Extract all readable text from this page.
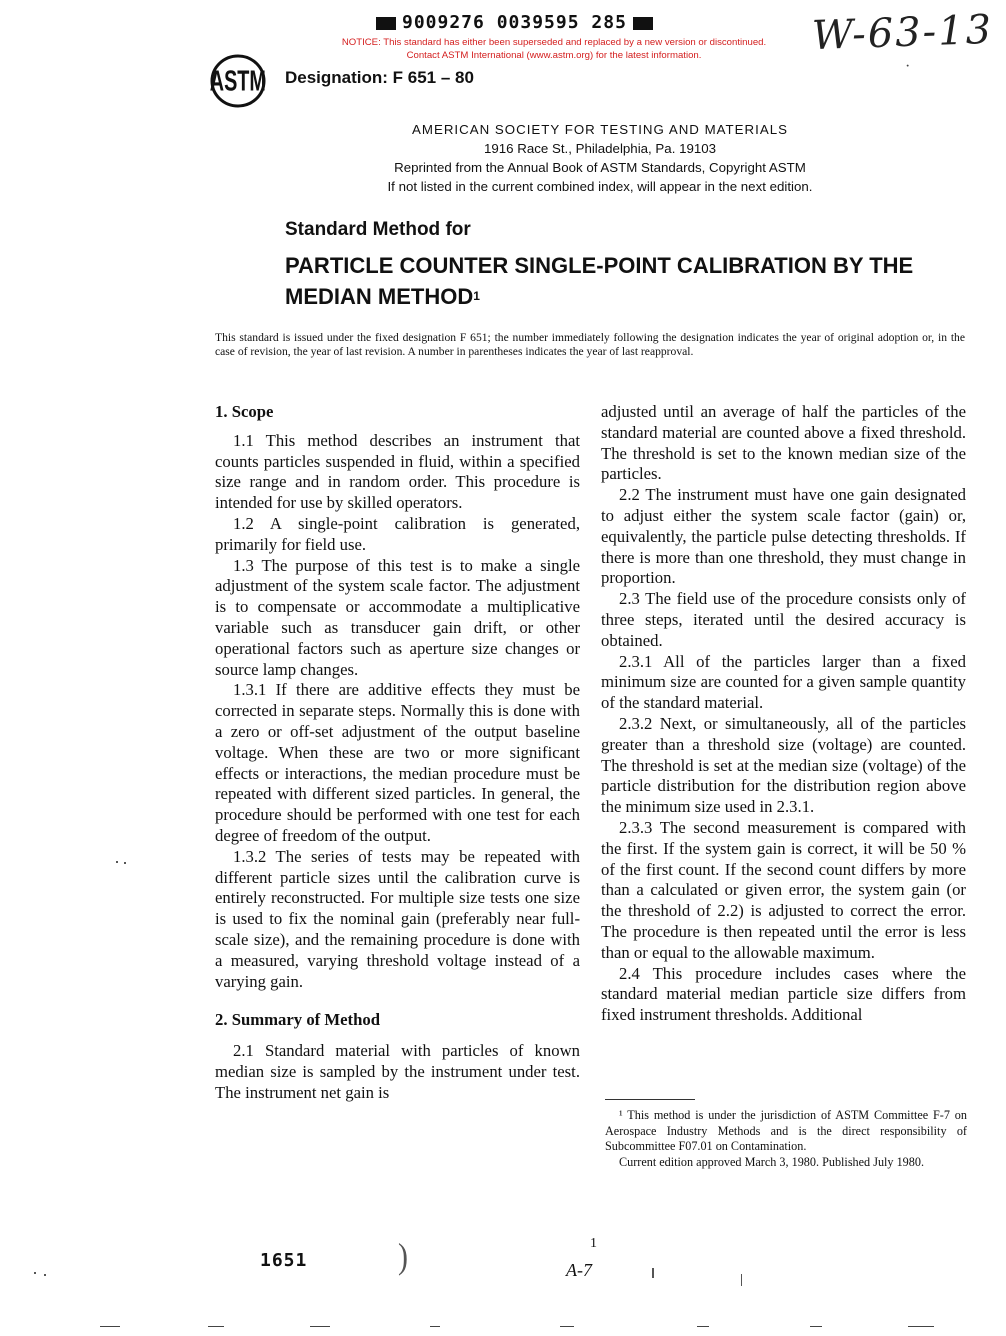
9009276 0039595 285
NOTICE: This standard has either been superseded and replaced by a new version or discontinued.
Contact ASTM International (www.astm.org) for the latest information.	W-63-13
·
ASTM Designation: F 651 – 80
AMERICAN SOCIETY FOR TESTING AND MATERIALS
1916 Race St., Philadelphia, Pa. 19103
Reprinted from the Annual Book of ASTM Standards, Copyright ASTM
If not listed in the current combined index, will appear in the next edition.
Standard Method for
PARTICLE COUNTER SINGLE-POINT CALIBRATION BY THE MEDIAN METHOD$^1$
This standard is issued under the fixed designation F 651; the number immediately following the designation indicates the year of original adoption or, in the case of revision, the year of last revision. A number in parentheses indicates the year of last reapproval.
1. Scope

1.1 This method describes an instrument that counts particles suspended in fluid, within a specified size range and in random order. This procedure is intended for use by skilled operators.

1.2 A single-point calibration is generated, primarily for field use.

1.3 The purpose of this test is to make a single adjustment of the system scale factor. The adjustment is to compensate or accommodate a multiplicative variable such as transducer gain drift, or other operational factors such as aperture size changes or source lamp changes.

1.3.1 If there are additive effects they must be corrected in separate steps. Normally this is done with a zero or off-set adjustment of the output baseline voltage. When these are two or more significant effects or interactions, the median procedure must be repeated with different sized particles. In general, the procedure should be performed with one test for each degree of freedom of the output.

1.3.2 The series of tests may be repeated with different particle sizes until the calibration curve is entirely reconstructed. For multiple size tests one size is used to fix the nominal gain (preferably near full-scale size), and the remaining procedure is done with a measured, varying threshold voltage instead of a varying gain.

2. Summary of Method

2.1 Standard material with particles of known median size is sampled by the instrument under test. The instrument net gain is

adjusted until an average of half the particles of the standard material are counted above a fixed threshold. The threshold is set to the known median size of the particles.

2.2 The instrument must have one gain designated to adjust either the system scale factor (gain) or, equivalently, the particle pulse detecting thresholds. If there is more than one threshold, they must change in proportion.

2.3 The field use of the procedure consists only of three steps, iterated until the desired accuracy is obtained.

2.3.1 All of the particles larger than a fixed minimum size are counted for a given sample quantity of the standard material.

2.3.2 Next, or simultaneously, all of the particles greater than a threshold size (voltage) are counted. The threshold is set at the median size (voltage) of the particle distribution for the distribution region above the minimum size used in 2.3.1.

2.3.3 The second measurement is compared with the first. If the system gain is correct, it will be 50 % of the first count. If the second count differs by more than a calculated or given error, the system gain (or the threshold of 2.2) is adjusted to correct the error. The procedure is then repeated until the error is less than or equal to the allowable maximum.

2.4 This procedure includes cases where the standard material median particle size differs from fixed instrument thresholds. Additional

¹ This method is under the jurisdiction of ASTM Committee F-7 on Aerospace Industry Methods and is the direct responsibility of Subcommittee F07.01 on Contamination.

Current edition approved March 3, 1980. Published July 1980.

1651	)	1
A-7
